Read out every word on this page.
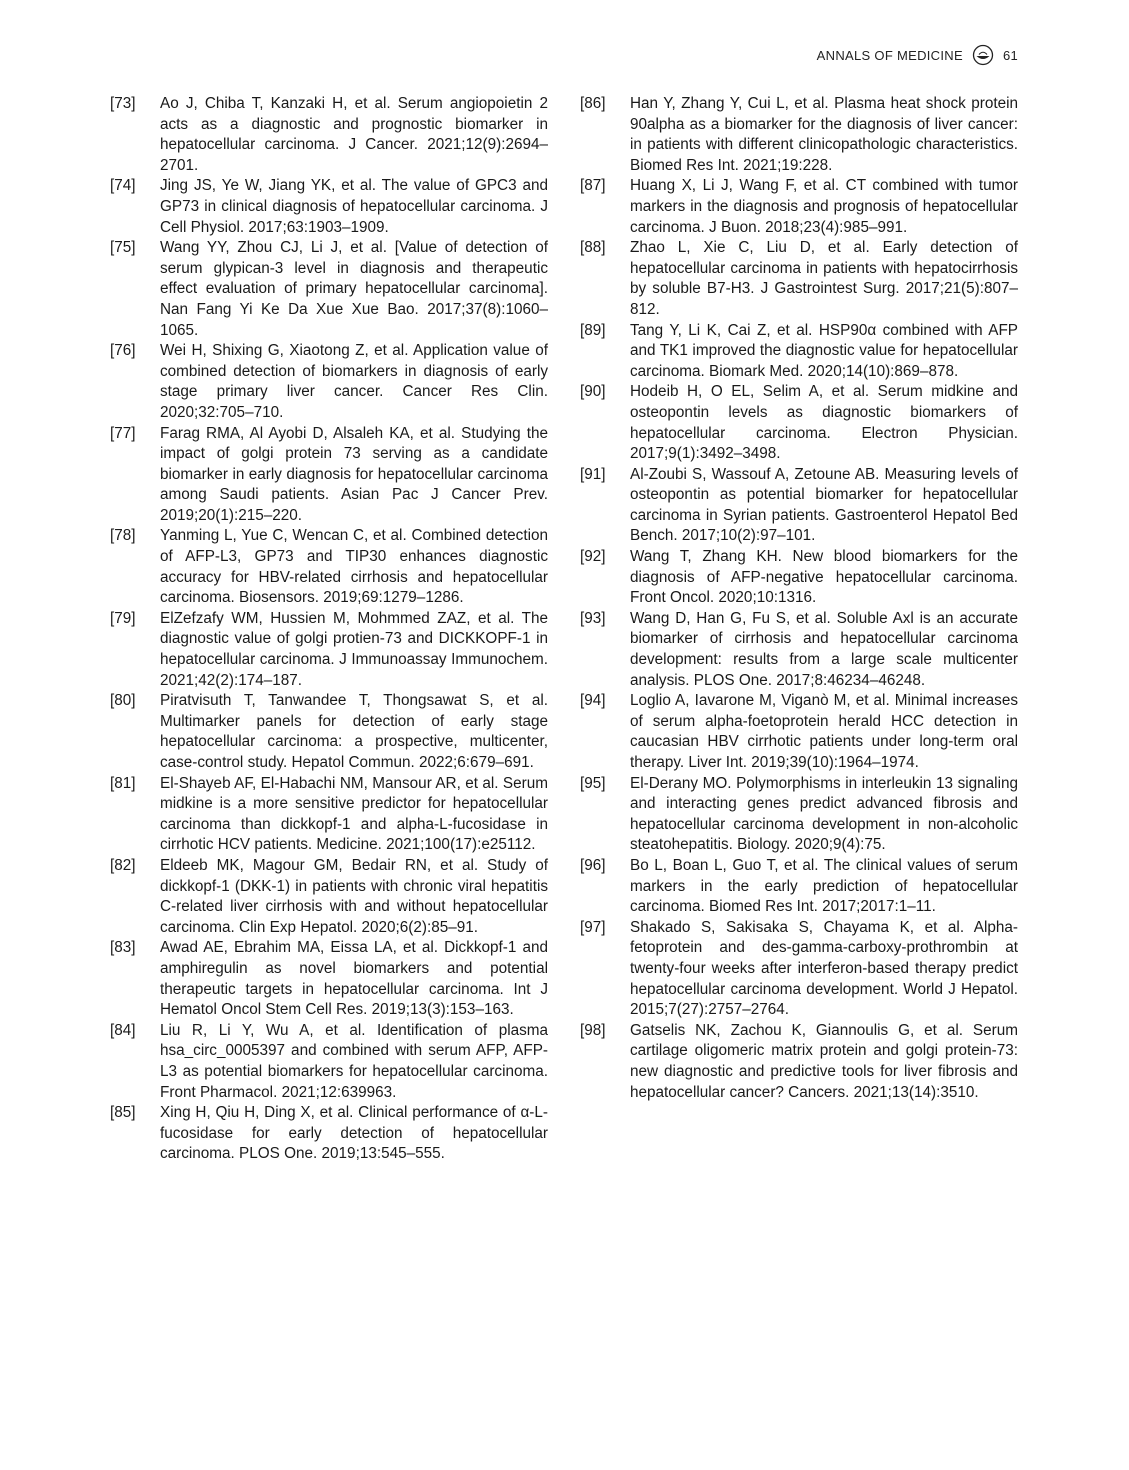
ANNALS OF MEDICINE	61
[73]	Ao J, Chiba T, Kanzaki H, et al. Serum angiopoietin 2 acts as a diagnostic and prognostic biomarker in hepatocellular carcinoma. J Cancer. 2021;12(9):2694–2701.
[74]	Jing JS, Ye W, Jiang YK, et al. The value of GPC3 and GP73 in clinical diagnosis of hepatocellular carcinoma. J Cell Physiol. 2017;63:1903–1909.
[75]	Wang YY, Zhou CJ, Li J, et al. [Value of detection of serum glypican-3 level in diagnosis and therapeutic effect evaluation of primary hepatocellular carcinoma]. Nan Fang Yi Ke Da Xue Xue Bao. 2017;37(8):1060–1065.
[76]	Wei H, Shixing G, Xiaotong Z, et al. Application value of combined detection of biomarkers in diagnosis of early stage primary liver cancer. Cancer Res Clin. 2020;32:705–710.
[77]	Farag RMA, Al Ayobi D, Alsaleh KA, et al. Studying the impact of golgi protein 73 serving as a candidate biomarker in early diagnosis for hepatocellular carcinoma among Saudi patients. Asian Pac J Cancer Prev. 2019;20(1):215–220.
[78]	Yanming L, Yue C, Wencan C, et al. Combined detection of AFP-L3, GP73 and TIP30 enhances diagnostic accuracy for HBV-related cirrhosis and hepatocellular carcinoma. Biosensors. 2019;69:1279–1286.
[79]	ElZefzafy WM, Hussien M, Mohmmed ZAZ, et al. The diagnostic value of golgi protien-73 and DICKKOPF-1 in hepatocellular carcinoma. J Immunoassay Immunochem. 2021;42(2):174–187.
[80]	Piratvisuth T, Tanwandee T, Thongsawat S, et al. Multimarker panels for detection of early stage hepatocellular carcinoma: a prospective, multicenter, case-control study. Hepatol Commun. 2022;6:679–691.
[81]	El-Shayeb AF, El-Habachi NM, Mansour AR, et al. Serum midkine is a more sensitive predictor for hepatocellular carcinoma than dickkopf-1 and alpha-L-fucosidase in cirrhotic HCV patients. Medicine. 2021;100(17):e25112.
[82]	Eldeeb MK, Magour GM, Bedair RN, et al. Study of dickkopf-1 (DKK-1) in patients with chronic viral hepatitis C-related liver cirrhosis with and without hepatocellular carcinoma. Clin Exp Hepatol. 2020;6(2):85–91.
[83]	Awad AE, Ebrahim MA, Eissa LA, et al. Dickkopf-1 and amphiregulin as novel biomarkers and potential therapeutic targets in hepatocellular carcinoma. Int J Hematol Oncol Stem Cell Res. 2019;13(3):153–163.
[84]	Liu R, Li Y, Wu A, et al. Identification of plasma hsa_circ_0005397 and combined with serum AFP, AFP-L3 as potential biomarkers for hepatocellular carcinoma. Front Pharmacol. 2021;12:639963.
[85]	Xing H, Qiu H, Ding X, et al. Clinical performance of α-L-fucosidase for early detection of hepatocellular carcinoma. PLOS One. 2019;13:545–555.
[86]	Han Y, Zhang Y, Cui L, et al. Plasma heat shock protein 90alpha as a biomarker for the diagnosis of liver cancer: in patients with different clinicopathologic characteristics. Biomed Res Int. 2021;19:228.
[87]	Huang X, Li J, Wang F, et al. CT combined with tumor markers in the diagnosis and prognosis of hepatocellular carcinoma. J Buon. 2018;23(4):985–991.
[88]	Zhao L, Xie C, Liu D, et al. Early detection of hepatocellular carcinoma in patients with hepatocirrhosis by soluble B7-H3. J Gastrointest Surg. 2017;21(5):807–812.
[89]	Tang Y, Li K, Cai Z, et al. HSP90α combined with AFP and TK1 improved the diagnostic value for hepatocellular carcinoma. Biomark Med. 2020;14(10):869–878.
[90]	Hodeib H, O EL, Selim A, et al. Serum midkine and osteopontin levels as diagnostic biomarkers of hepatocellular carcinoma. Electron Physician. 2017;9(1):3492–3498.
[91]	Al-Zoubi S, Wassouf A, Zetoune AB. Measuring levels of osteopontin as potential biomarker for hepatocellular carcinoma in Syrian patients. Gastroenterol Hepatol Bed Bench. 2017;10(2):97–101.
[92]	Wang T, Zhang KH. New blood biomarkers for the diagnosis of AFP-negative hepatocellular carcinoma. Front Oncol. 2020;10:1316.
[93]	Wang D, Han G, Fu S, et al. Soluble Axl is an accurate biomarker of cirrhosis and hepatocellular carcinoma development: results from a large scale multicenter analysis. PLOS One. 2017;8:46234–46248.
[94]	Loglio A, Iavarone M, Viganò M, et al. Minimal increases of serum alpha-foetoprotein herald HCC detection in caucasian HBV cirrhotic patients under long-term oral therapy. Liver Int. 2019;39(10):1964–1974.
[95]	El-Derany MO. Polymorphisms in interleukin 13 signaling and interacting genes predict advanced fibrosis and hepatocellular carcinoma development in non-alcoholic steatohepatitis. Biology. 2020;9(4):75.
[96]	Bo L, Boan L, Guo T, et al. The clinical values of serum markers in the early prediction of hepatocellular carcinoma. Biomed Res Int. 2017;2017:1–11.
[97]	Shakado S, Sakisaka S, Chayama K, et al. Alpha-fetoprotein and des-gamma-carboxy-prothrombin at twenty-four weeks after interferon-based therapy predict hepatocellular carcinoma development. World J Hepatol. 2015;7(27):2757–2764.
[98]	Gatselis NK, Zachou K, Giannoulis G, et al. Serum cartilage oligomeric matrix protein and golgi protein-73: new diagnostic and predictive tools for liver fibrosis and hepatocellular cancer? Cancers. 2021;13(14):3510.
